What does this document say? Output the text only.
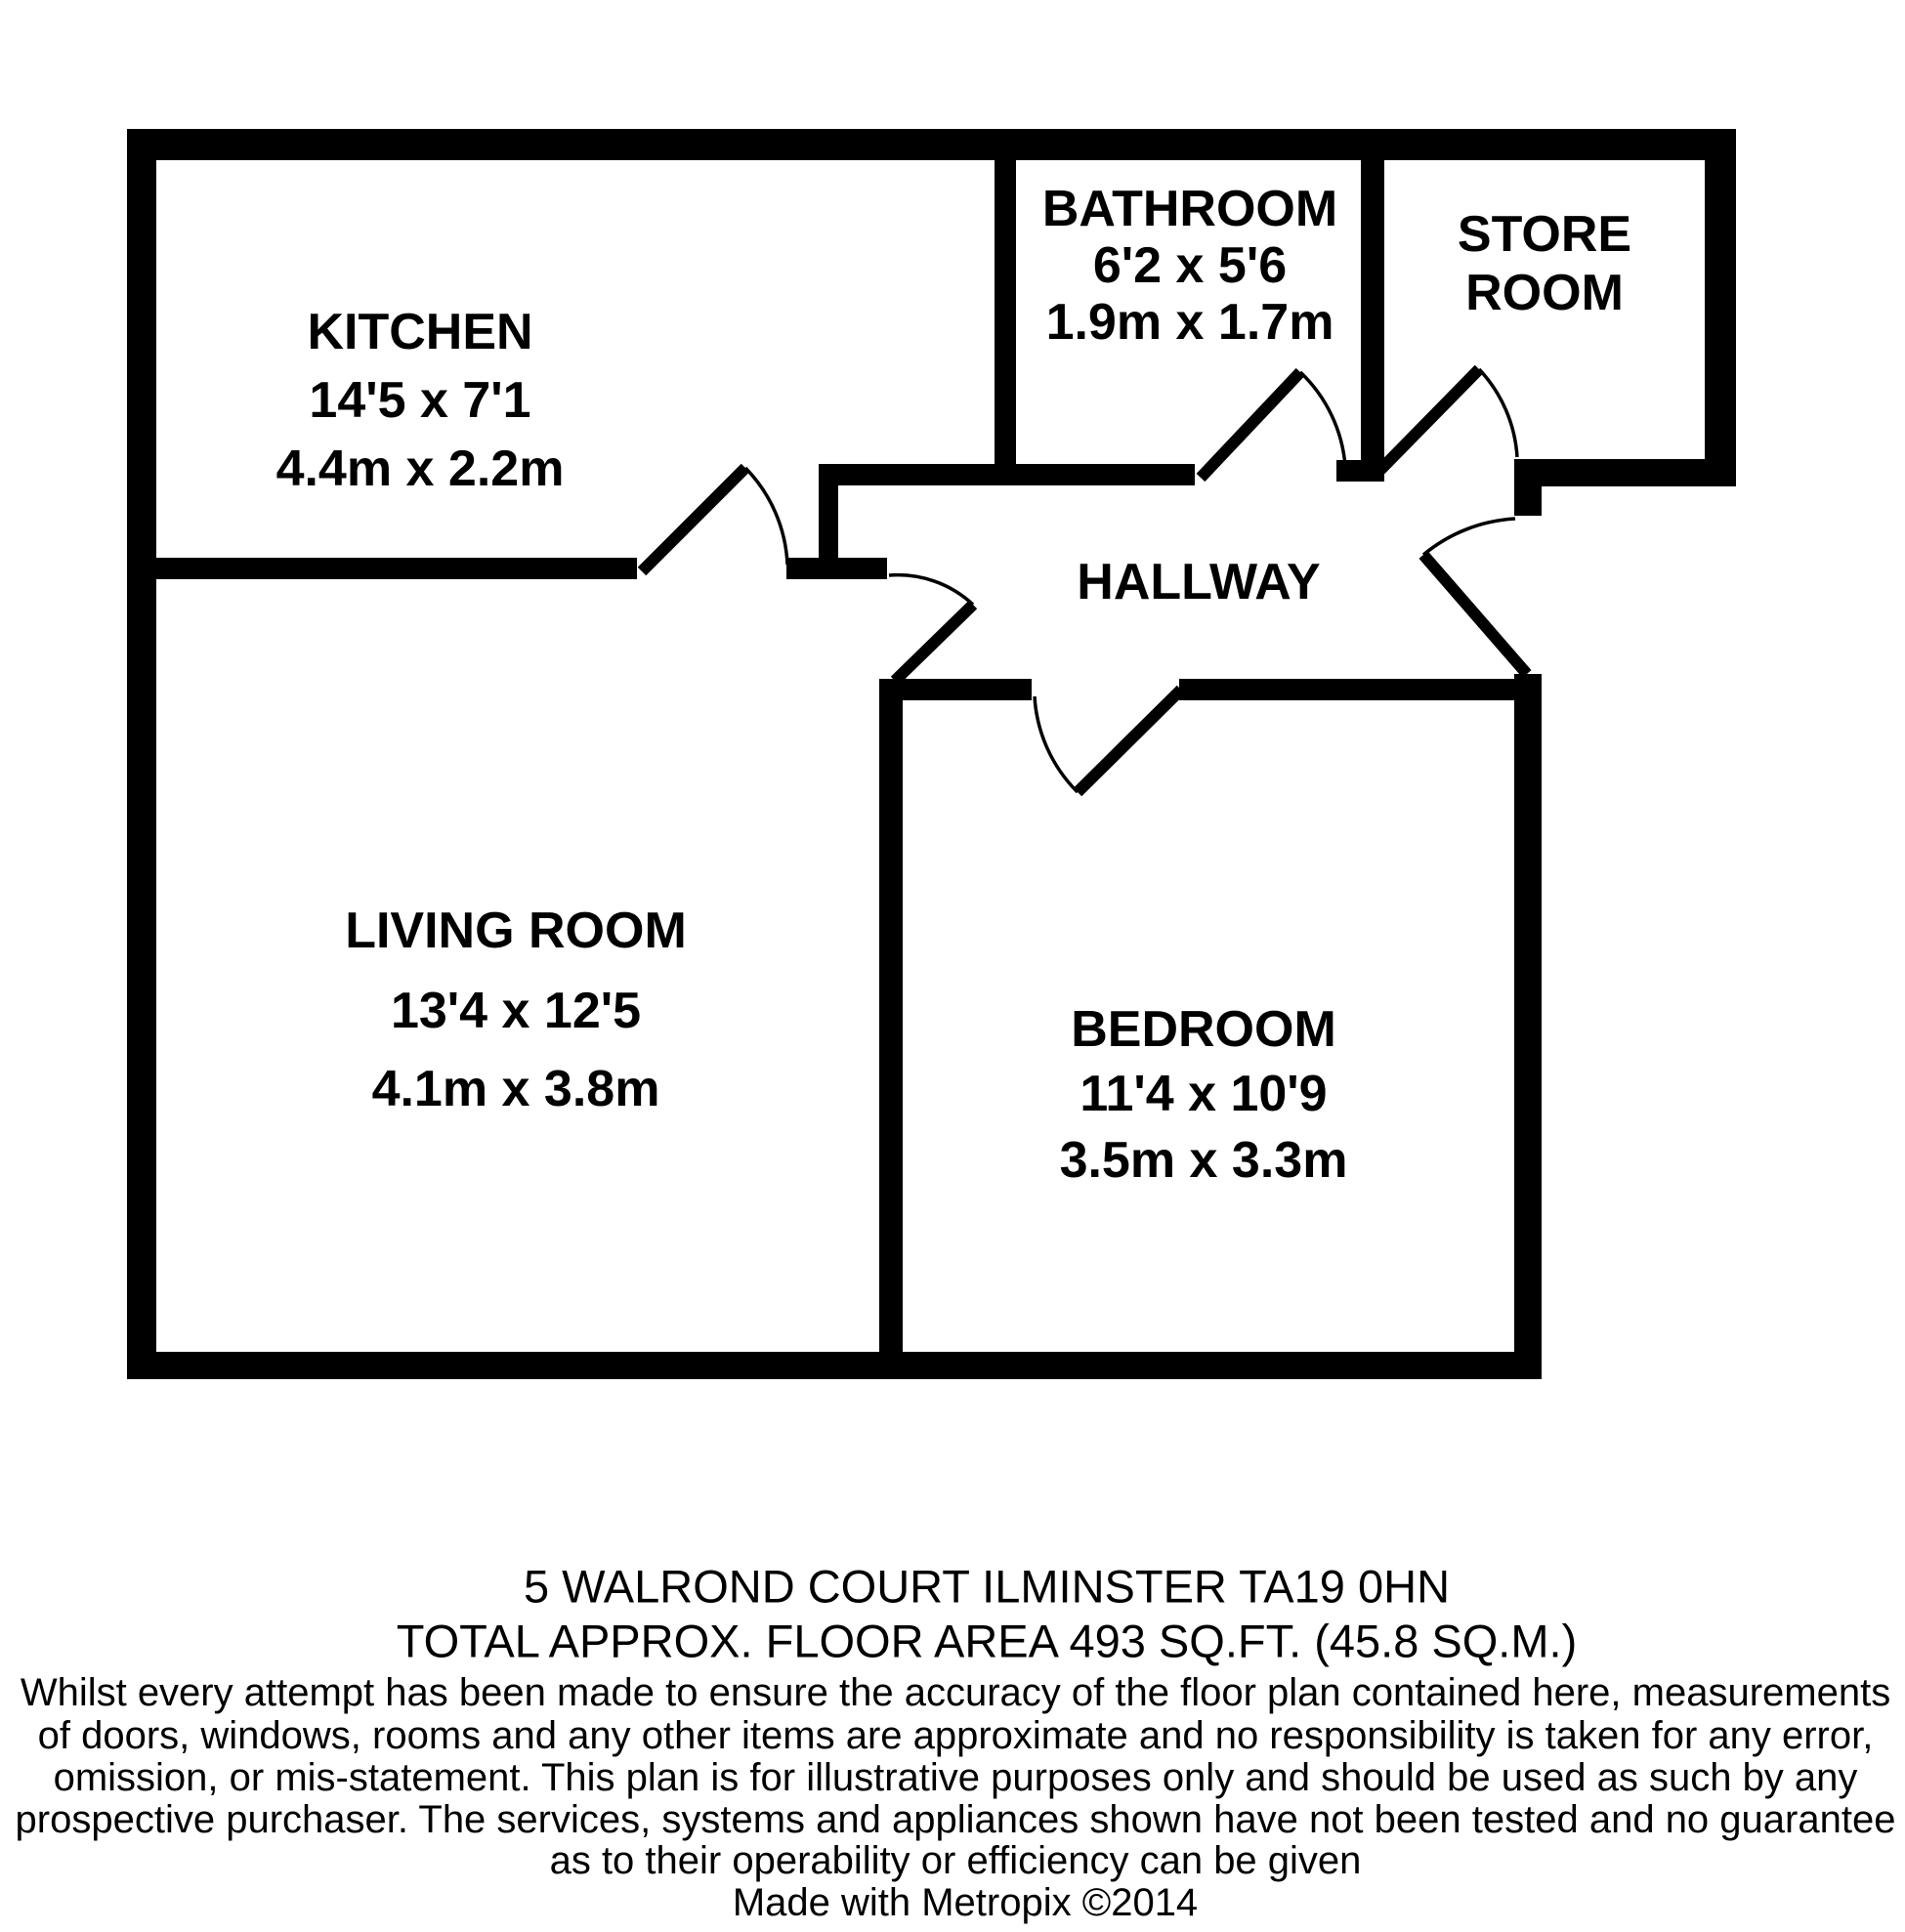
KITCHEN
14'5 x 7'1
4.4m x 2.2m
BATHROOM
6'2 x 5'6
1.9m x 1.7m
STORE
ROOM
HALLWAY
LIVING ROOM
13'4 x 12'5
4.1m x 3.8m
BEDROOM
11'4 x 10'9
3.5m x 3.3m
5 WALROND COURT ILMINSTER TA19 0HN
TOTAL APPROX. FLOOR AREA 493 SQ.FT. (45.8 SQ.M.)
Whilst every attempt has been made to ensure the accuracy of the floor plan contained here, measurements
of doors, windows, rooms and any other items are approximate and no responsibility is taken for any error,
omission, or mis-statement. This plan is for illustrative purposes only and should be used as such by any
prospective purchaser. The services, systems and appliances shown have not been tested and no guarantee
as to their operability or efficiency can be given
Made with Metropix ©2014
